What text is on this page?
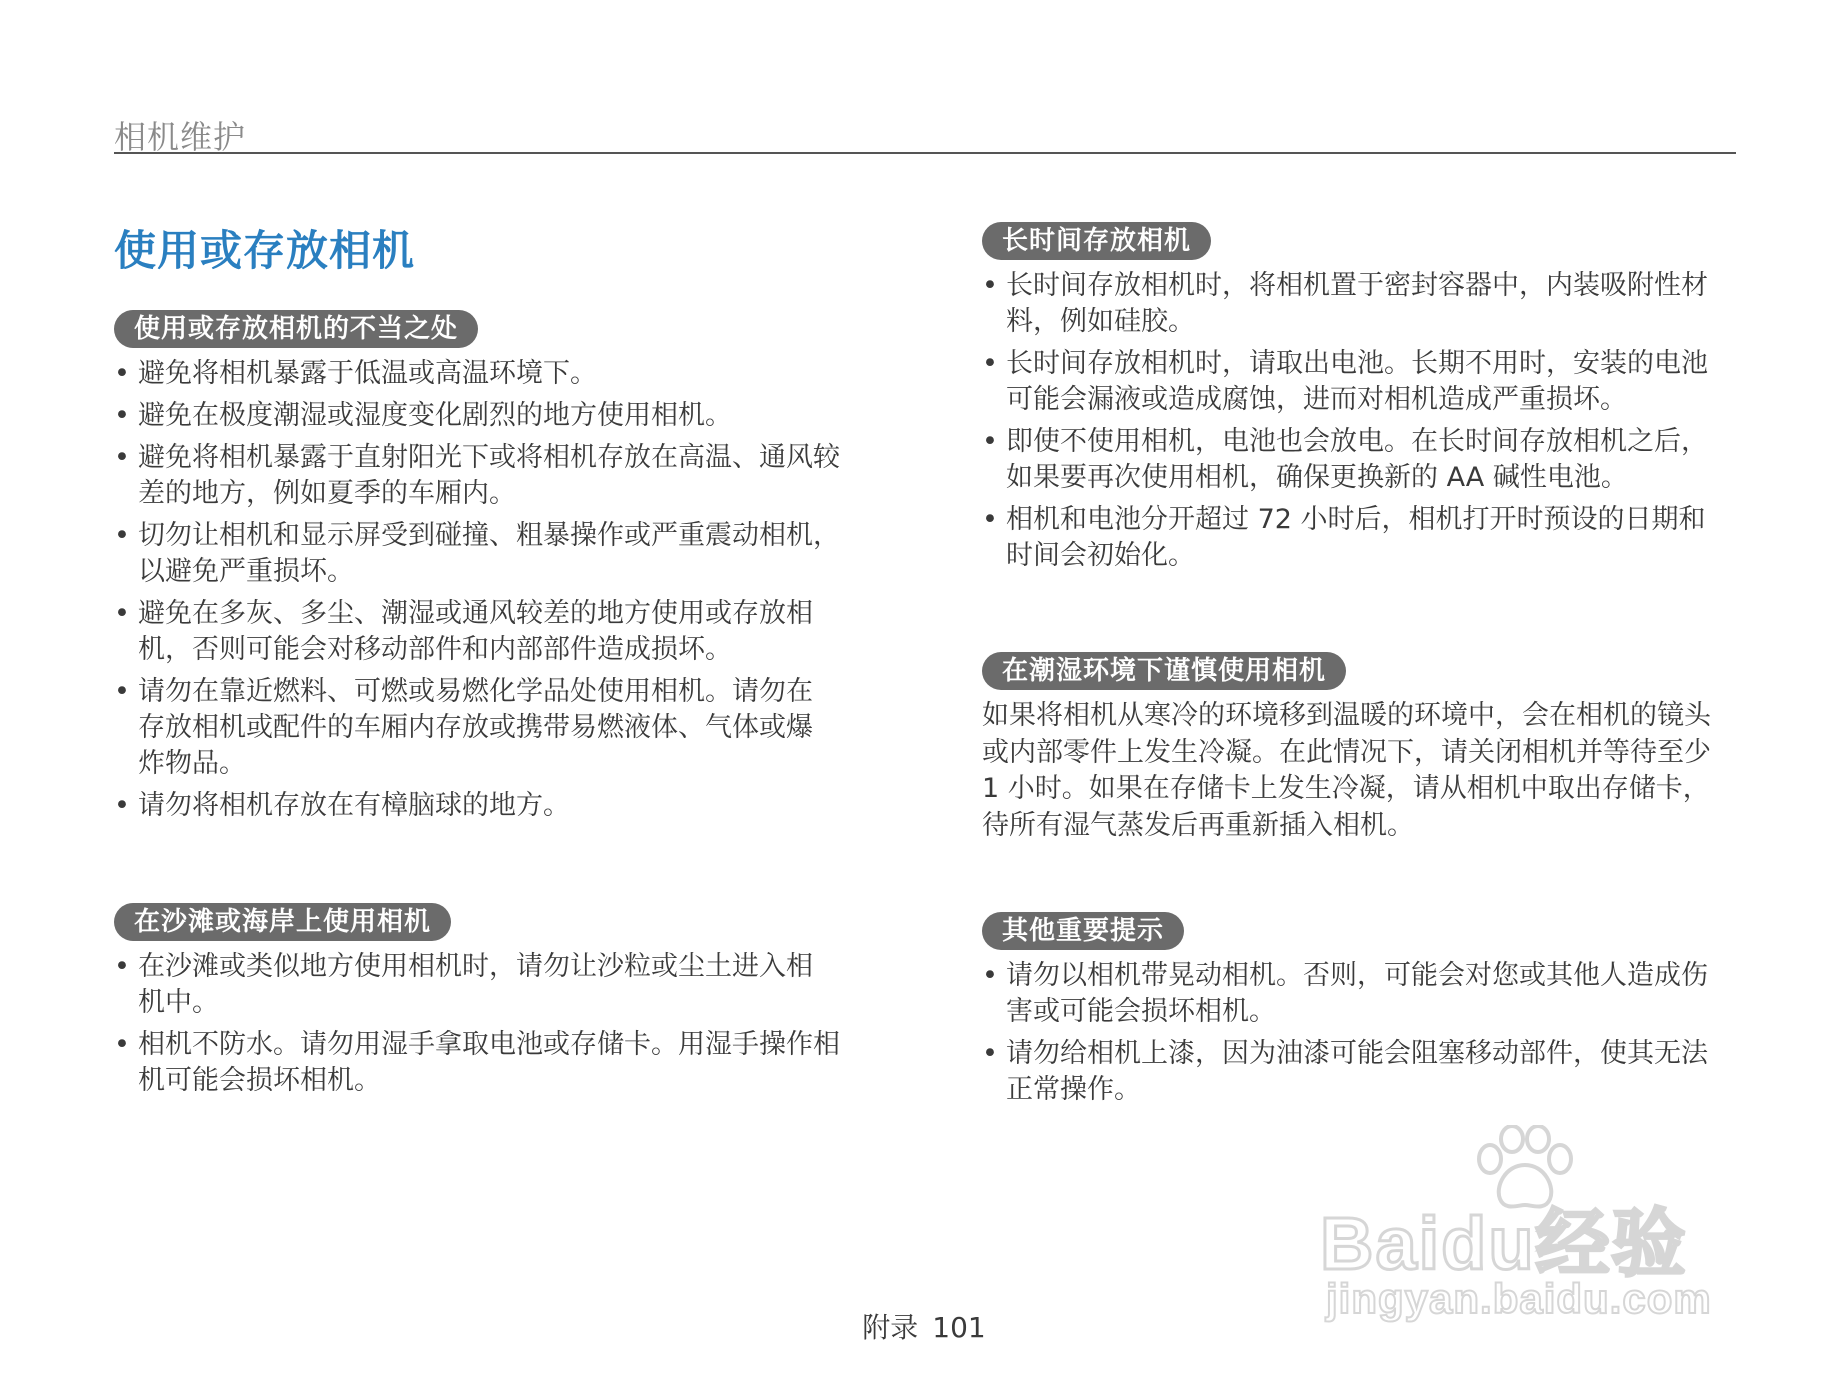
相机维护
使用或存放相机
使用或存放相机的不当之处
• 避免将相机暴露于低温或高温环境下。
• 避免在极度潮湿或湿度变化剧烈的地方使用相机。
• 避免将相机暴露于直射阳光下或将相机存放在高温、通风较
差的地方，例如夏季的车厢内。
• 切勿让相机和显示屏受到碰撞、粗暴操作或严重震动相机，
以避免严重损坏。
• 避免在多灰、多尘、潮湿或通风较差的地方使用或存放相
机，否则可能会对移动部件和内部部件造成损坏。
• 请勿在靠近燃料、可燃或易燃化学品处使用相机。请勿在
存放相机或配件的车厢内存放或携带易燃液体、气体或爆
炸物品。
• 请勿将相机存放在有樟脑球的地方。
在沙滩或海岸上使用相机
• 在沙滩或类似地方使用相机时，请勿让沙粒或尘土进入相
机中。
• 相机不防水。请勿用湿手拿取电池或存储卡。用湿手操作相
机可能会损坏相机。
长时间存放相机
• 长时间存放相机时，将相机置于密封容器中，内装吸附性材
料，例如硅胶。
• 长时间存放相机时，请取出电池。长期不用时，安装的电池
可能会漏液或造成腐蚀，进而对相机造成严重损坏。
• 即使不使用相机，电池也会放电。在长时间存放相机之后，
如果要再次使用相机，确保更换新的 AA 碱性电池。
• 相机和电池分开超过 72 小时后，相机打开时预设的日期和
时间会初始化。
在潮湿环境下谨慎使用相机
如果将相机从寒冷的环境移到温暖的环境中，会在相机的镜头
或内部零件上发生冷凝。在此情况下，请关闭相机并等待至少
1 小时。如果在存储卡上发生冷凝，请从相机中取出存储卡，
待所有湿气蒸发后再重新插入相机。
其他重要提示
• 请勿以相机带晃动相机。否则，可能会对您或其他人造成伤
害或可能会损坏相机。
• 请勿给相机上漆，因为油漆可能会阻塞移动部件，使其无法
正常操作。
附录 101
Baidu经验
jingyan.baidu.com
